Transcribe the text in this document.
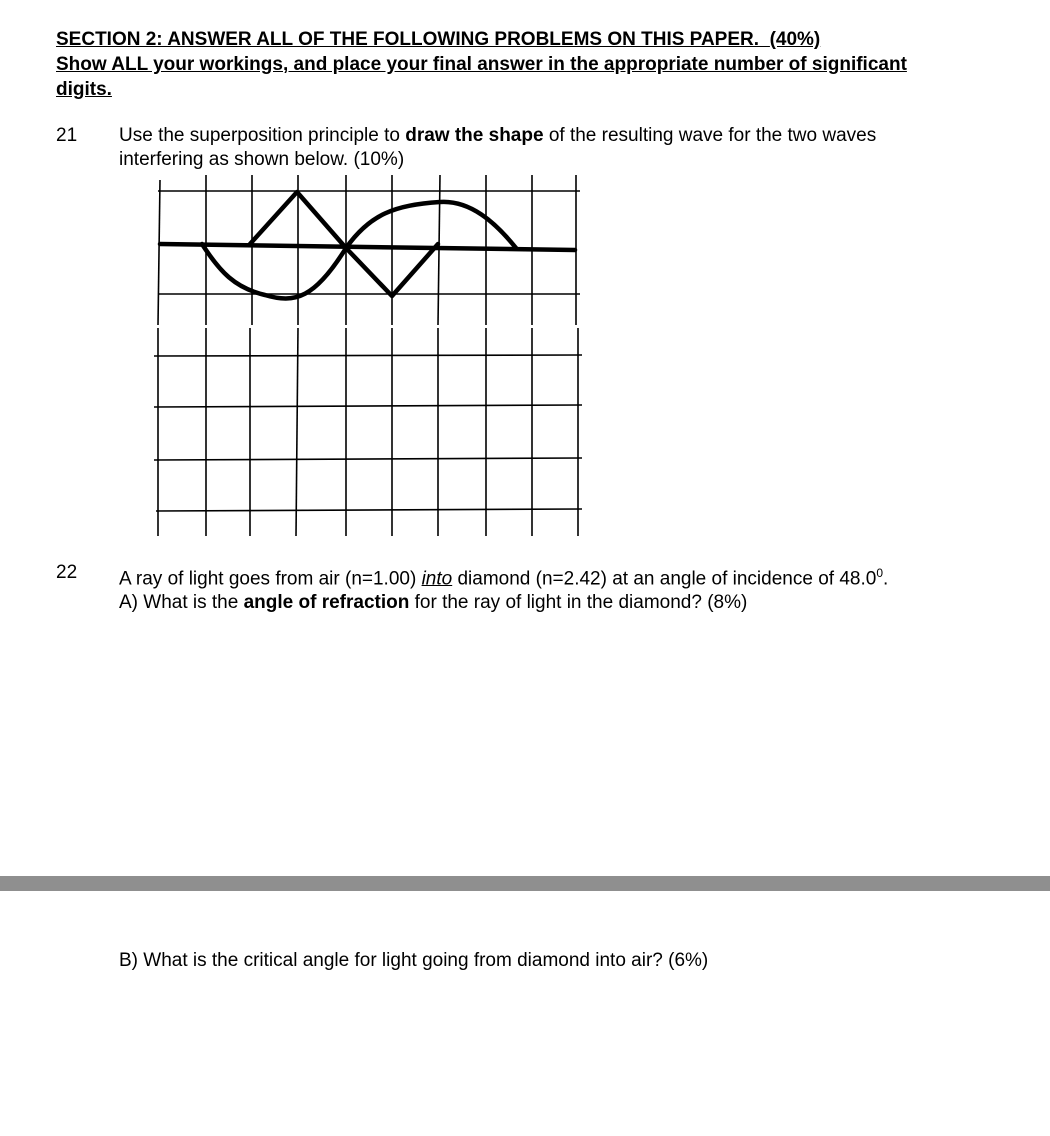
SECTION 2: ANSWER ALL OF THE FOLLOWING PROBLEMS ON THIS PAPER. (40%)
Show ALL your workings, and place your final answer in the appropriate number of significant
digits.
21 Use the superposition principle to draw the shape of the resulting wave for the two waves
interfering as shown below. (10%)
22 A ray of light goes from air (n=1.00) into diamond (n=2.42) at an angle of incidence of 48.0$^0$.
A) What is the angle of refraction for the ray of light in the diamond? (8%)
B) What is the critical angle for light going from diamond into air? (6%)
